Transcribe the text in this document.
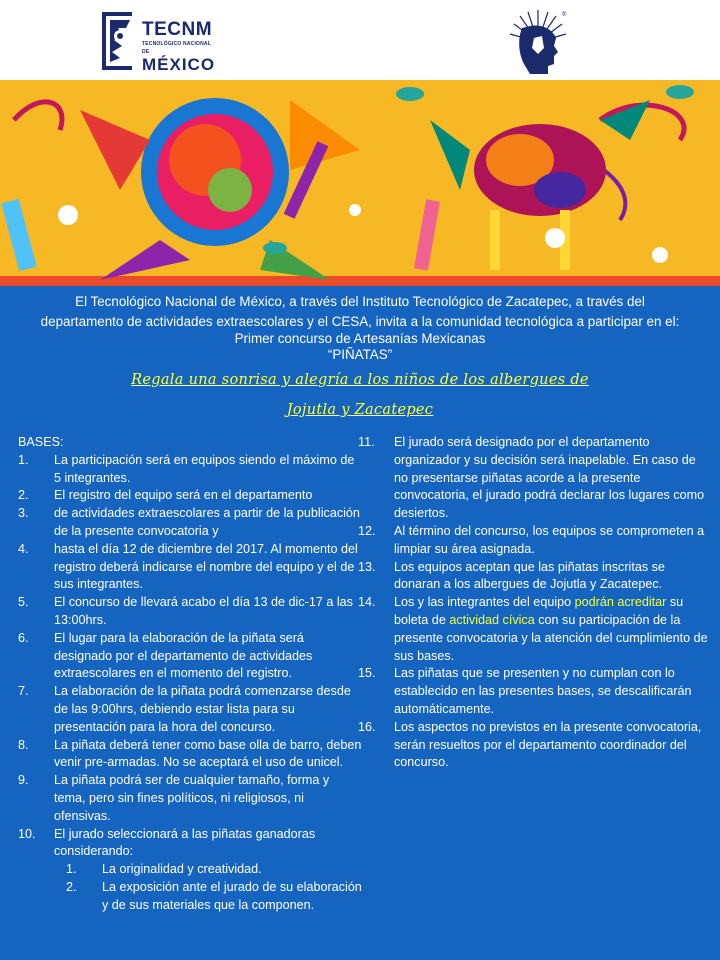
TECNM
TECNOLÓGICO NACIONAL DE
MÉXICO
®
El Tecnológico Nacional de México, a través del Instituto Tecnológico de Zacatepec, a través del
departamento de actividades extraescolares y el CESA, invita a la comunidad tecnológica a participar en el:
Primer concurso de Artesanías Mexicanas
“PIÑATAS”
Regala una sonrisa y alegría a los niños de los albergues de
Jojutla y Zacatepec
BASES:
1. La participación será en equipos siendo el máximo de 5 integrantes.
2. El registro del equipo será en el departamento
3. de actividades extraescolares a partir de la publicación de la presente convocatoria y
4. hasta el día 12 de diciembre del 2017. Al momento del registro deberá indicarse el nombre del equipo y el de sus integrantes.
5. El concurso de llevará acabo el día 13 de dic-17 a las 13:00hrs.
6. El lugar para la elaboración de la piñata será designado por el departamento de actividades extraescolares en el momento del registro.
7. La elaboración de la piñata podrá comenzarse desde de las 9:00hrs, debiendo estar lista para su presentación para la hora del concurso.
8. La piñata deberá tener como base olla de barro, deben venir pre-armadas. No se aceptará el uso de unicel.
9. La piñata podrá ser de cualquier tamaño, forma y tema, pero sin fines políticos, ni religiosos, ni ofensivas.
10. El jurado seleccionará a las piñatas ganadoras considerando:
1. La originalidad y creatividad.
2. La exposición ante el jurado de su elaboración y de sus materiales que la componen.
11. El jurado será designado por el departamento organizador y su decisión será inapelable. En caso de no presentarse piñatas acorde a la presente convocatoria, el jurado podrá declarar los lugares como desiertos.
12. Al término del concurso, los equipos se comprometen a limpiar su área asignada.
13. Los equipos aceptan que las piñatas inscritas se donaran a los albergues de Jojutla y Zacatepec.
14. Los y las integrantes del equipo podrán acreditar su boleta de actividad cívica con su participación de la presente convocatoria y la atención del cumplimiento de sus bases.
15. Las piñatas que se presenten y no cumplan con lo establecido en las presentes bases, se descalificarán automáticamente.
16. Los aspectos no previstos en la presente convocatoria, serán resueltos por el departamento coordinador del concurso.
